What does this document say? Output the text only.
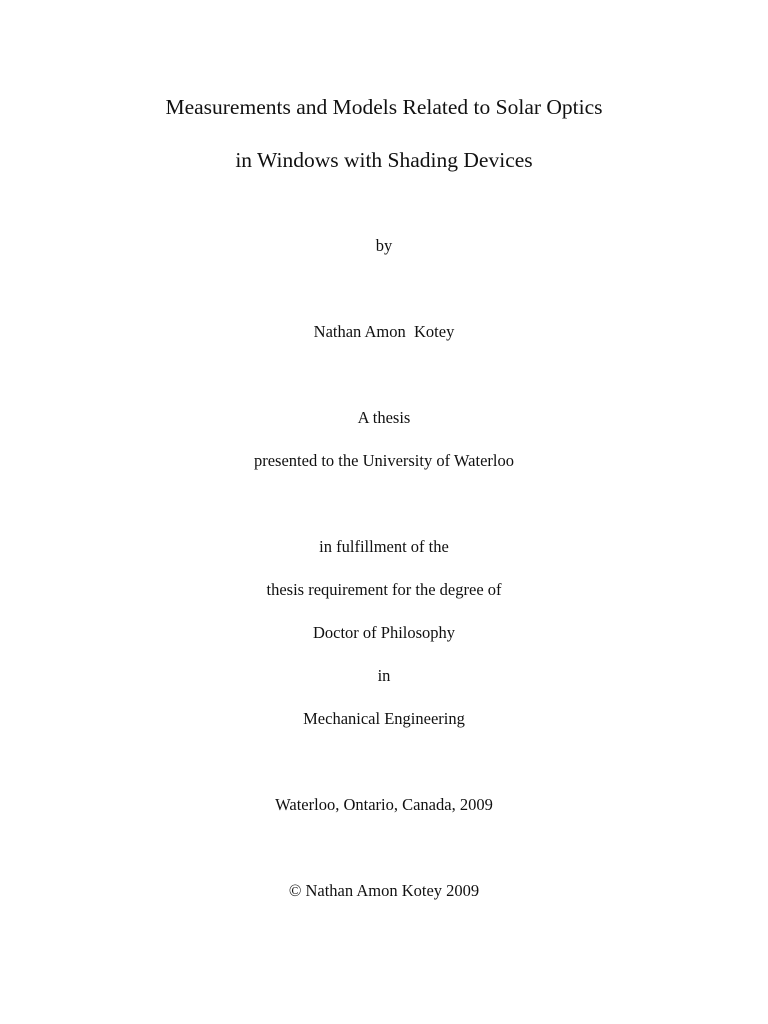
Measurements and Models Related to Solar Optics
in Windows with Shading Devices
by
Nathan Amon  Kotey
A thesis
presented to the University of Waterloo
in fulfillment of the
thesis requirement for the degree of
Doctor of Philosophy
in
Mechanical Engineering
Waterloo, Ontario, Canada, 2009
© Nathan Amon Kotey 2009
